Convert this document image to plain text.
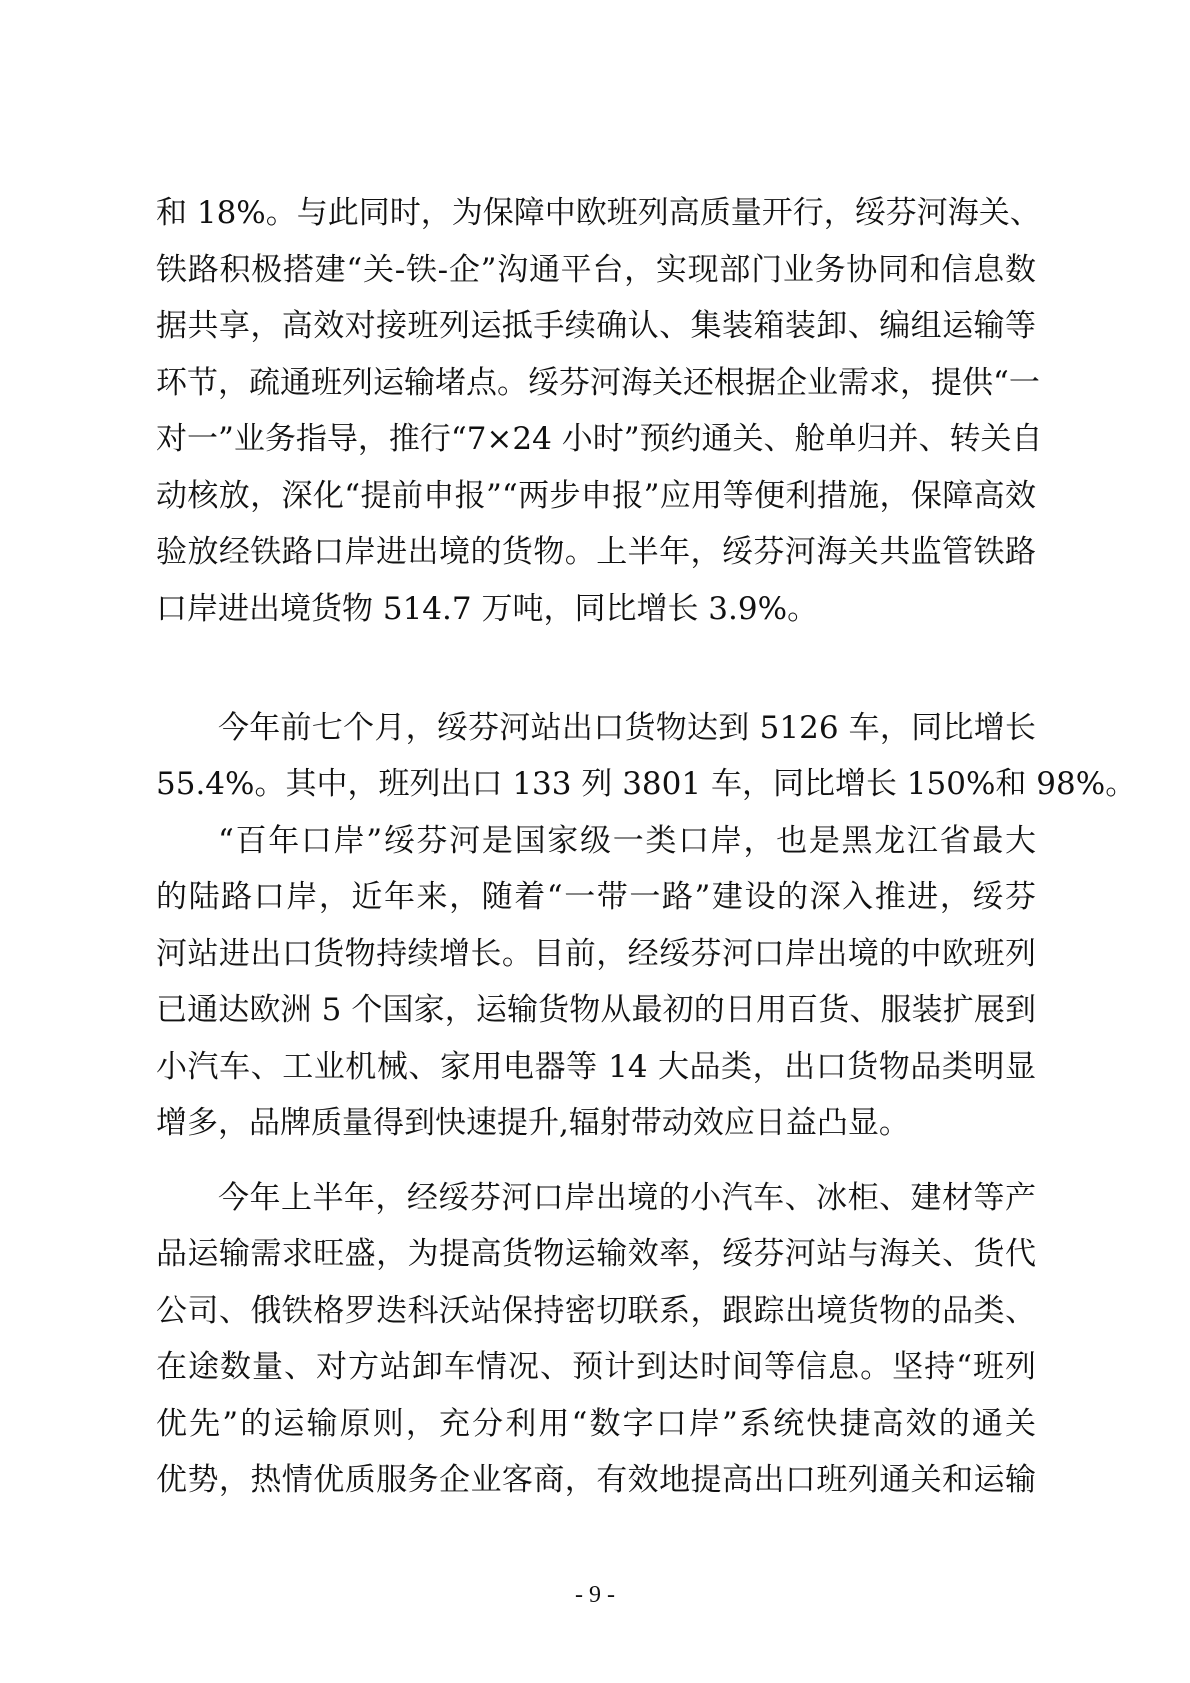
和 18%。与此同时，为保障中欧班列高质量开行，绥芬河海关、
铁路积极搭建“关-铁-企”沟通平台，实现部门业务协同和信息数
据共享，高效对接班列运抵手续确认、集装箱装卸、编组运输等
环节，疏通班列运输堵点。绥芬河海关还根据企业需求，提供“一
对一”业务指导，推行“7×24 小时”预约通关、舱单归并、转关自
动核放，深化“提前申报”“两步申报”应用等便利措施，保障高效
验放经铁路口岸进出境的货物。上半年，绥芬河海关共监管铁路
口岸进出境货物 514.7 万吨，同比增长 3.9%。
今年前七个月，绥芬河站出口货物达到 5126 车，同比增长
55.4%。其中，班列出口 133 列 3801 车，同比增长 150%和 98%。
“百年口岸”绥芬河是国家级一类口岸，也是黑龙江省最大
的陆路口岸，近年来，随着“一带一路”建设的深入推进，绥芬
河站进出口货物持续增长。目前，经绥芬河口岸出境的中欧班列
已通达欧洲 5 个国家，运输货物从最初的日用百货、服装扩展到
小汽车、工业机械、家用电器等 14 大品类，出口货物品类明显
增多，品牌质量得到快速提升,辐射带动效应日益凸显。
今年上半年，经绥芬河口岸出境的小汽车、冰柜、建材等产
品运输需求旺盛，为提高货物运输效率，绥芬河站与海关、货代
公司、俄铁格罗迭科沃站保持密切联系，跟踪出境货物的品类、
在途数量、对方站卸车情况、预计到达时间等信息。坚持“班列
优先”的运输原则，充分利用“数字口岸”系统快捷高效的通关
优势，热情优质服务企业客商，有效地提高出口班列通关和运输
- 9 -
